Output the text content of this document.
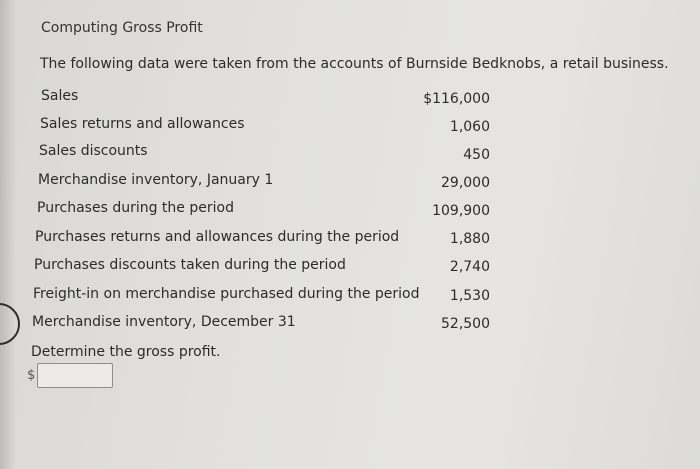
Computing Gross Profit
The following data were taken from the accounts of Burnside Bedknobs, a retail business.
Sales	$116,000
Sales returns and allowances	1,060
Sales discounts	450
Merchandise inventory, January 1	29,000
Purchases during the period	109,900
Purchases returns and allowances during the period	1,880
Purchases discounts taken during the period	2,740
Freight-in on merchandise purchased during the period 1,530
Merchandise inventory, December 31	52,500
Determine the gross profit.
$
